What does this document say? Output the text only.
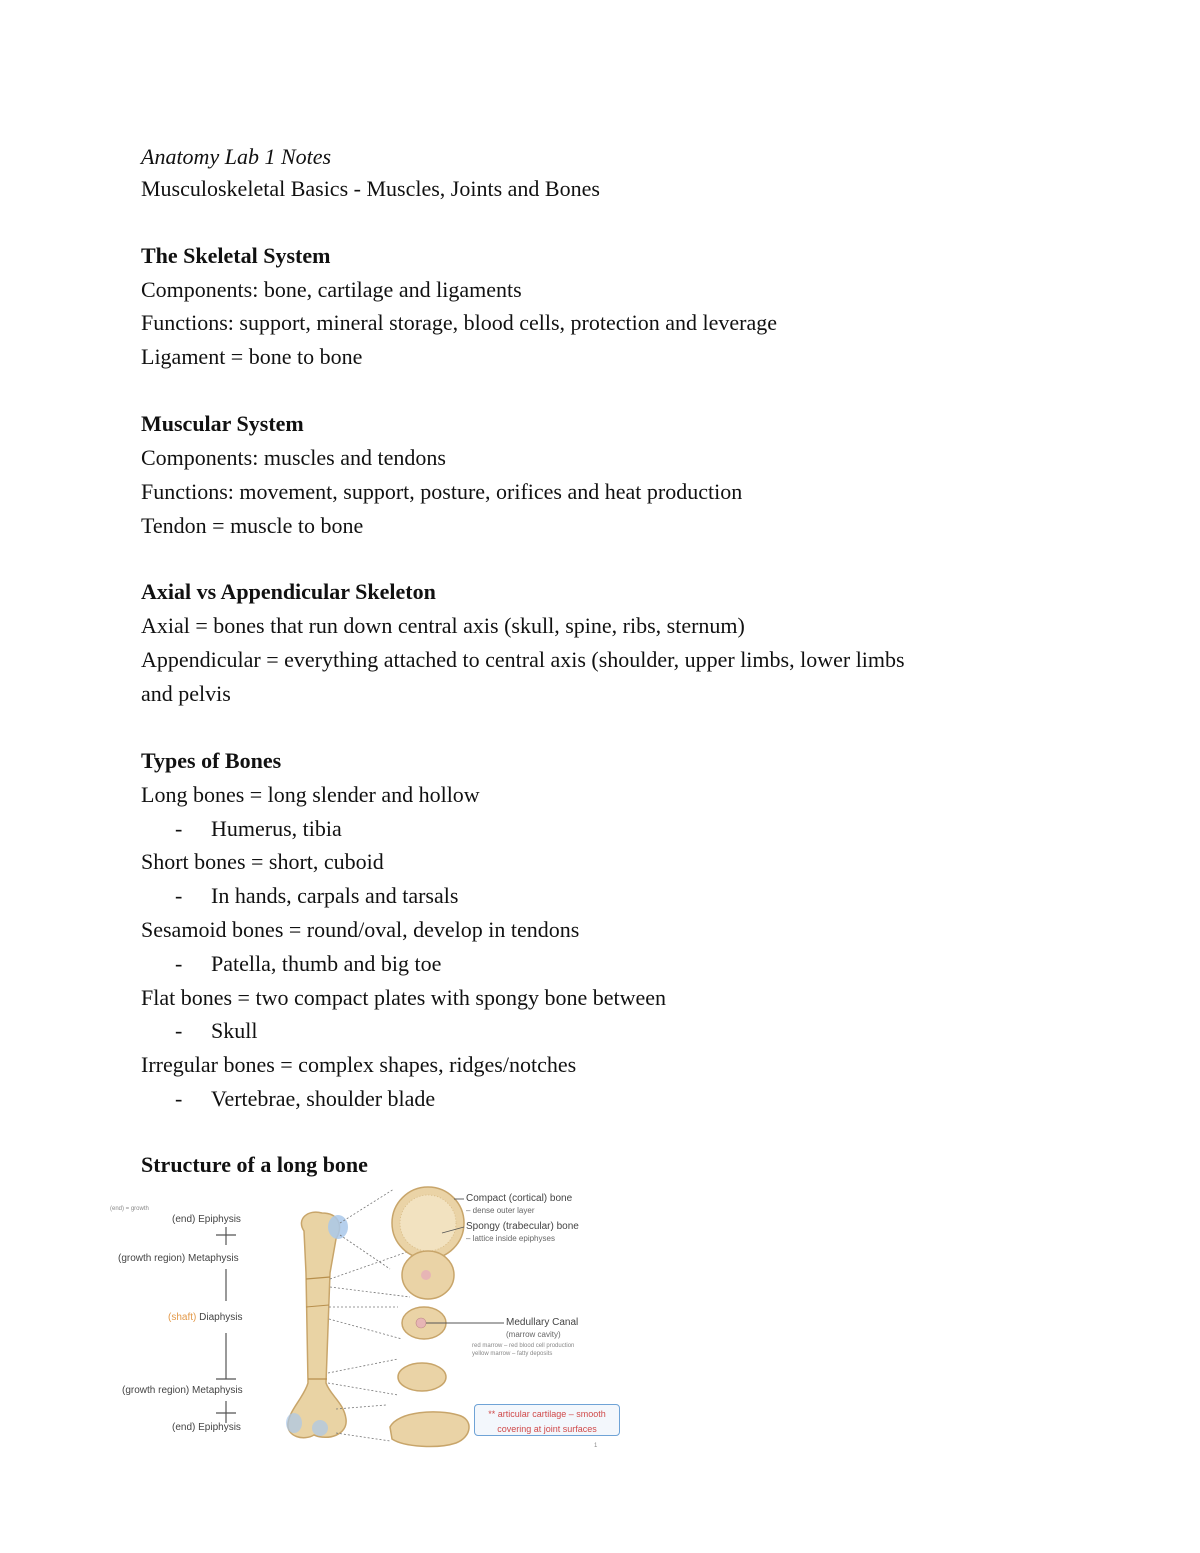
Anatomy Lab 1 Notes
Musculoskeletal Basics - Muscles, Joints and Bones
The Skeletal System
Components: bone, cartilage and ligaments
Functions: support, mineral storage, blood cells, protection and leverage
Ligament = bone to bone
Muscular System
Components: muscles and tendons
Functions: movement, support, posture, orifices and heat production
Tendon = muscle to bone
Axial vs Appendicular Skeleton
Axial = bones that run down central axis (skull, spine, ribs, sternum)
Appendicular = everything attached to central axis (shoulder, upper limbs, lower limbs
and pelvis
Types of Bones
Long bones = long slender and hollow
- Humerus, tibia
Short bones = short, cuboid
- In hands, carpals and tarsals
Sesamoid bones = round/oval, develop in tendons
- Patella, thumb and big toe
Flat bones = two compact plates with spongy bone between
- Skull
Irregular bones = complex shapes, ridges/notches
- Vertebrae, shoulder blade
Structure of a long bone
(end) = growth
(end) Epiphysis
(growth region) Metaphysis
(shaft) Diaphysis
(growth region) Metaphysis
(end) Epiphysis
Compact (cortical) bone
– dense outer layer
Spongy (trabecular) bone
– lattice inside epiphyses
Medullary Canal
(marrow cavity)
red marrow – red blood cell production
yellow marrow – fatty deposits
** articular cartilage – smooth
covering at joint surfaces
1
